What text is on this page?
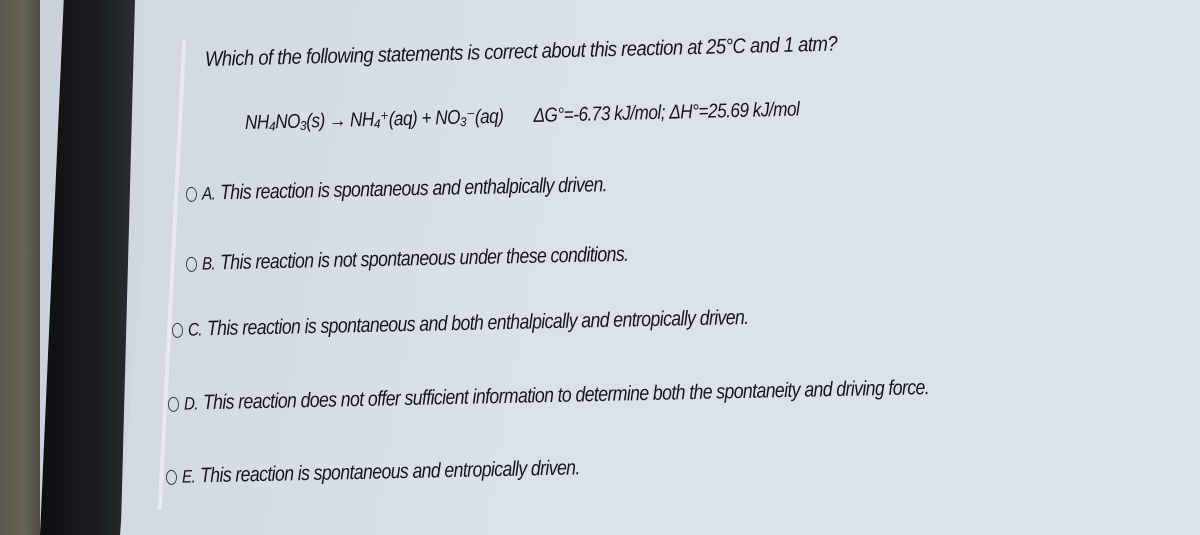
Which of the following statements is correct about this reaction at 25°C and 1 atm?
NH₄NO₃(s) → NH₄⁺(aq) + NO₃⁻(aq) ΔG°=-6.73 kJ/mol; ΔH°=25.69 kJ/mol
A. This reaction is spontaneous and enthalpically driven.
B. This reaction is not spontaneous under these conditions.
C. This reaction is spontaneous and both enthalpically and entropically driven.
D. This reaction does not offer sufficient information to determine both the spontaneity and driving force.
E. This reaction is spontaneous and entropically driven.
